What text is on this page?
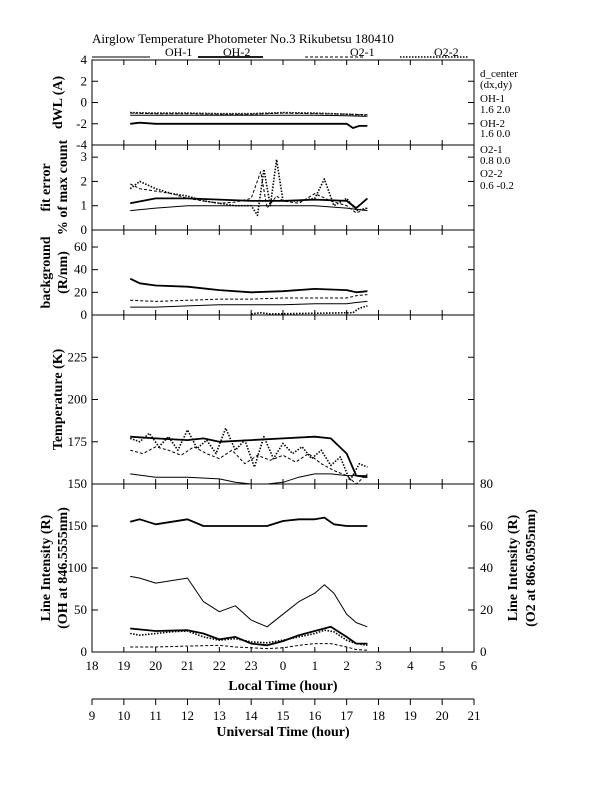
Airglow Temperature Photometer No.3 Rikubetsu 180410
OH-1	OH-2	O2-1	O2-2
-4
-2
0
2
4
dWL (A)
0
1
2
3
fit error % of max count
0
20
40
60
background (R/nm)
150
175
200
225
Temperature (K)
0
50
100
150
0
20
40
60
80
Line Intensity (R) (OH at 846.5555nm)	Line Intensity (R) (O2 at 866.0595nm)
d_center
(dx,dy)
OH-1
1.6 2.0
OH-2
1.6 0.0
O2-1
0.8 0.0
O2-2
0.6 -0.2
18 19 20 21 22 23 0 1 2 3 4 5 6
Local Time (hour)
9 10 11 12 13 14 15 16 17 18 19 20 21
Universal Time (hour)
